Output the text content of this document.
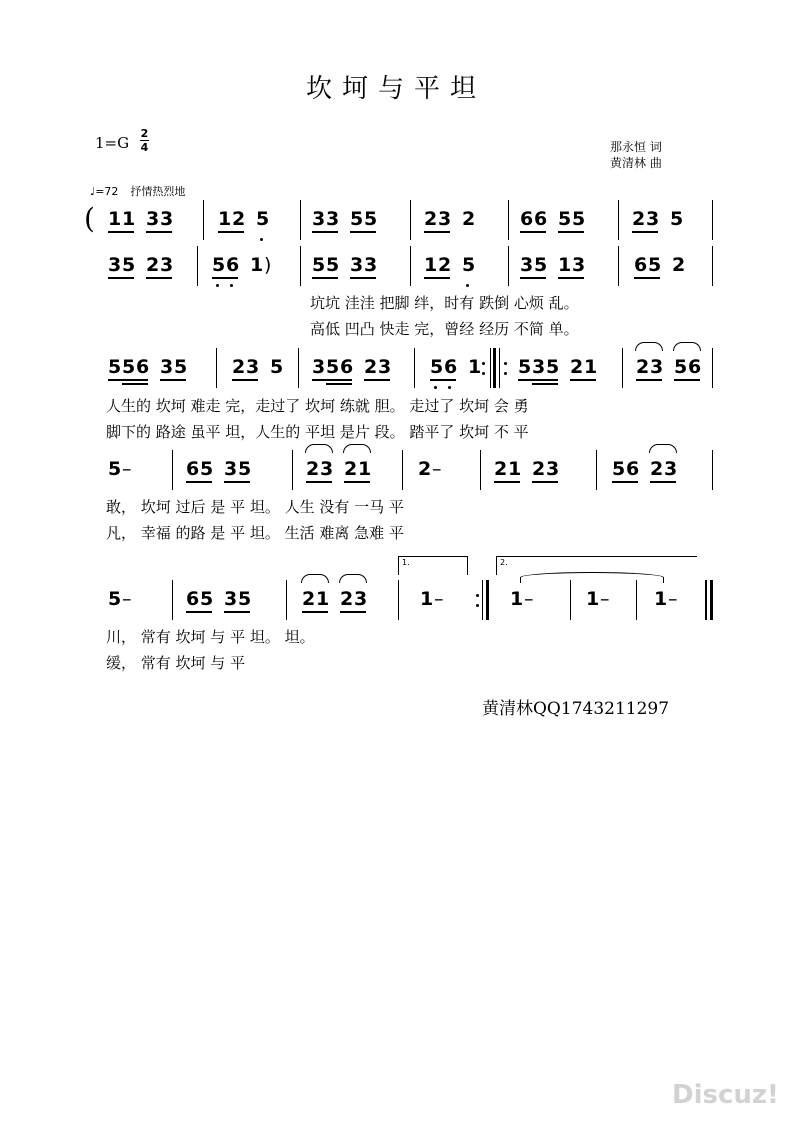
坎坷与平坦
1=G
2
4	那永恒 词
黄清林 曲
♩=72 抒情热烈地
( 1 1 3 3 1 2 5 3 3 5 5 2 3 2 6 6 5 5 2 3 5
3 5 2 3 5 6 1 ) 5 5 3 3 1 2 5 3 5 1 3	6 5 2
坑坑 洼洼 把脚 绊，时有 跌倒 心烦 乱。
高低 凹凸 快走 完，曾经 经历 不简 单。
5 5 6 3 5 2 3 5 3 5 6 2 3 5 6 1 5 3 5 2 1 2 3 5 6
人生的 坎坷 难走 完，走过了 坎坷 练就 胆。 走过了 坎坷 会 勇
脚下的 路途 虽平 坦，人生的 平坦 是片 段。 踏平了 坎坷 不 平
5 –	6 5 3 5	2 3 2 1 2 –	2 1 2 3	5 6 2 3
敢， 坎坷 过后 是 平 坦。 人生 没有 一马 平
凡， 幸福 的路 是 平 坦。 生活 难离 急难 平
5 –	6 5 3 5	2 1 2 3	1 –	1 –	1 – 1 –
1.	2.
川， 常有 坎坷 与 平 坦。 坦。
缓， 常有 坎坷 与 平
黄清林QQ1743211297
Discuz!
